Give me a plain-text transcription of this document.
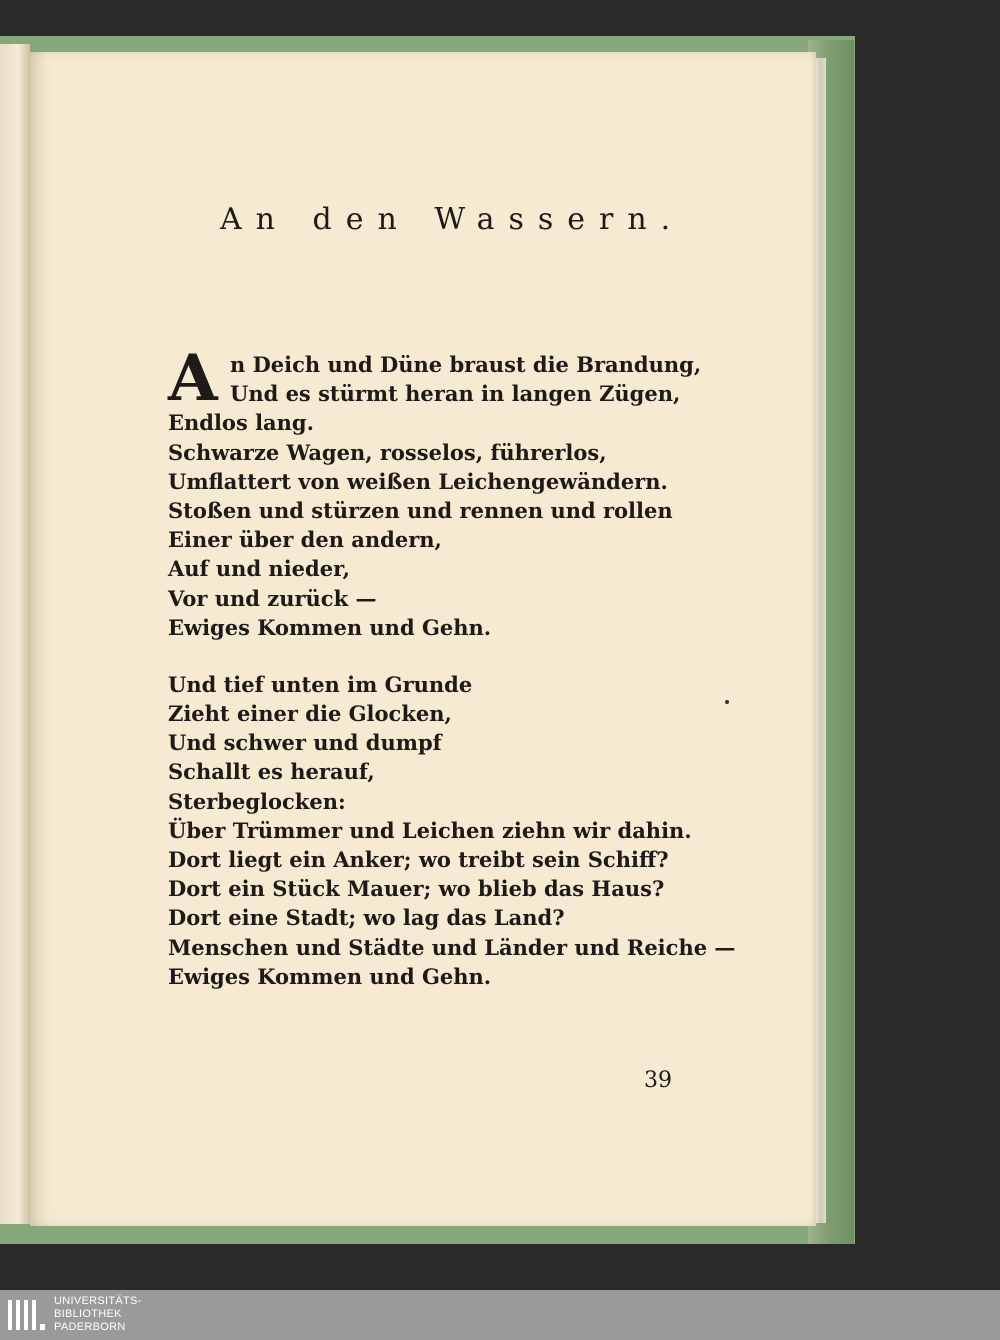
An den Wassern.
A n Deich und Düne braust die Brandung,
Und es stürmt heran in langen Zügen,
Endlos lang.
Schwarze Wagen, rosselos, führerlos,
Umflattert von weißen Leichengewändern.
Stoßen und stürzen und rennen und rollen
Einer über den andern,
Auf und nieder,
Vor und zurück —
Ewiges Kommen und Gehn.
Und tief unten im Grunde
Zieht einer die Glocken,
Und schwer und dumpf
Schallt es herauf,
Sterbeglocken:
Über Trümmer und Leichen ziehn wir dahin.
Dort liegt ein Anker; wo treibt sein Schiff?
Dort ein Stück Mauer; wo blieb das Haus?
Dort eine Stadt; wo lag das Land?
Menschen und Städte und Länder und Reiche —
Ewiges Kommen und Gehn.
39
UNIVERSITÄTS-
BIBLIOTHEK
PADERBORN
